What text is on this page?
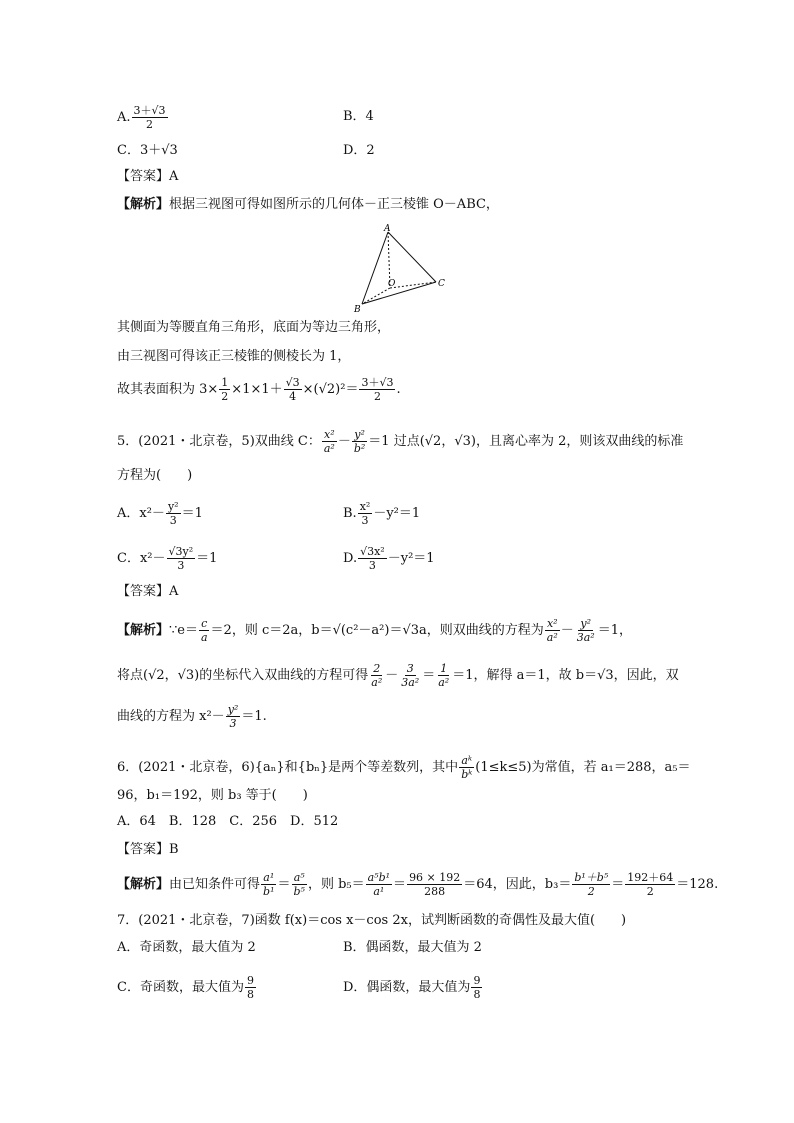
A. $\frac{3+√3}{2}$	B．4
C．3＋√3	D．2
【答案】A
【解析】根据三视图可得如图所示的几何体－正三棱锥 O－ABC，
A
B
C
O
其侧面为等腰直角三角形，底面为等边三角形，
由三视图可得该正三棱锥的侧棱长为 1，
故其表面积为 $3\times \frac{1}{2} \times 1\times 1+ \frac{√3}{4} \times(√2)^2= \frac{3+√3}{2}$ .
5．(2021・北京卷，5)双曲线 C： $\frac{\text{x²}}{\text{a²}} - \frac{\text{y²}}{\text{b²}} =1$ 过点(√2，√3)，且离心率为 2，则该双曲线的标准
方程为(　　)
A．$x^2- \frac{\text{y²}}{3} =1$	B. $\frac{\text{x²}}{3} -y^2=1$
C．$x^2- \frac{\text{√3y²}}{3} =1$	D. $\frac{\text{√3x²}}{3} -y^2=1$
【答案】A
【解析】∵e＝ $\frac{c}{a} =2$，则 c＝2a，b＝√(c²－a²)＝√3a，则双曲线的方程为 $\frac{\text{x²}}{\text{a²}} - \frac{\text{y²}}{\text{3a²}} =1$，
将点(√2，√3)的坐标代入双曲线的方程可得 $\frac{2}{\text{a²}} - \frac{3}{\text{3a²}} = \frac{1}{\text{a²}} =1$，解得 a＝1，故 b＝√3，因此，双
曲线的方程为 $x^2- \frac{\text{y²}}{3} =1$.
6．(2021・北京卷，6){aₙ}和{bₙ}是两个等差数列，其中 $\frac{\text{aᵏ}}{\text{bᵏ}} (1\le k\le 5)$为常值，若 a₁＝288，a₅＝
96，b₁＝192，则 b₃ 等于(　　)
A．64　B．128　C．256　D．512
【答案】B
【解析】由已知条件可得 $\frac{\text{a¹}}{\text{b¹}} = \frac{\text{a⁵}}{\text{b⁵}}$ ，则 $b_5= \frac{\text{a⁵b¹}}{\text{a¹}} = \frac{96 \times 192}{288} =64$，因此，$b_3= \frac{\text{b¹＋b⁵}}{2} = \frac{192+64}{2} =128$.
7．(2021・北京卷，7)函数 f(x)＝cos x－cos 2x，试判断函数的奇偶性及最大值(　　)
A．奇函数，最大值为 2	B．偶函数，最大值为 2
C．奇函数，最大值为 $\frac{9}{8}$	D．偶函数，最大值为 $\frac{9}{8}$
